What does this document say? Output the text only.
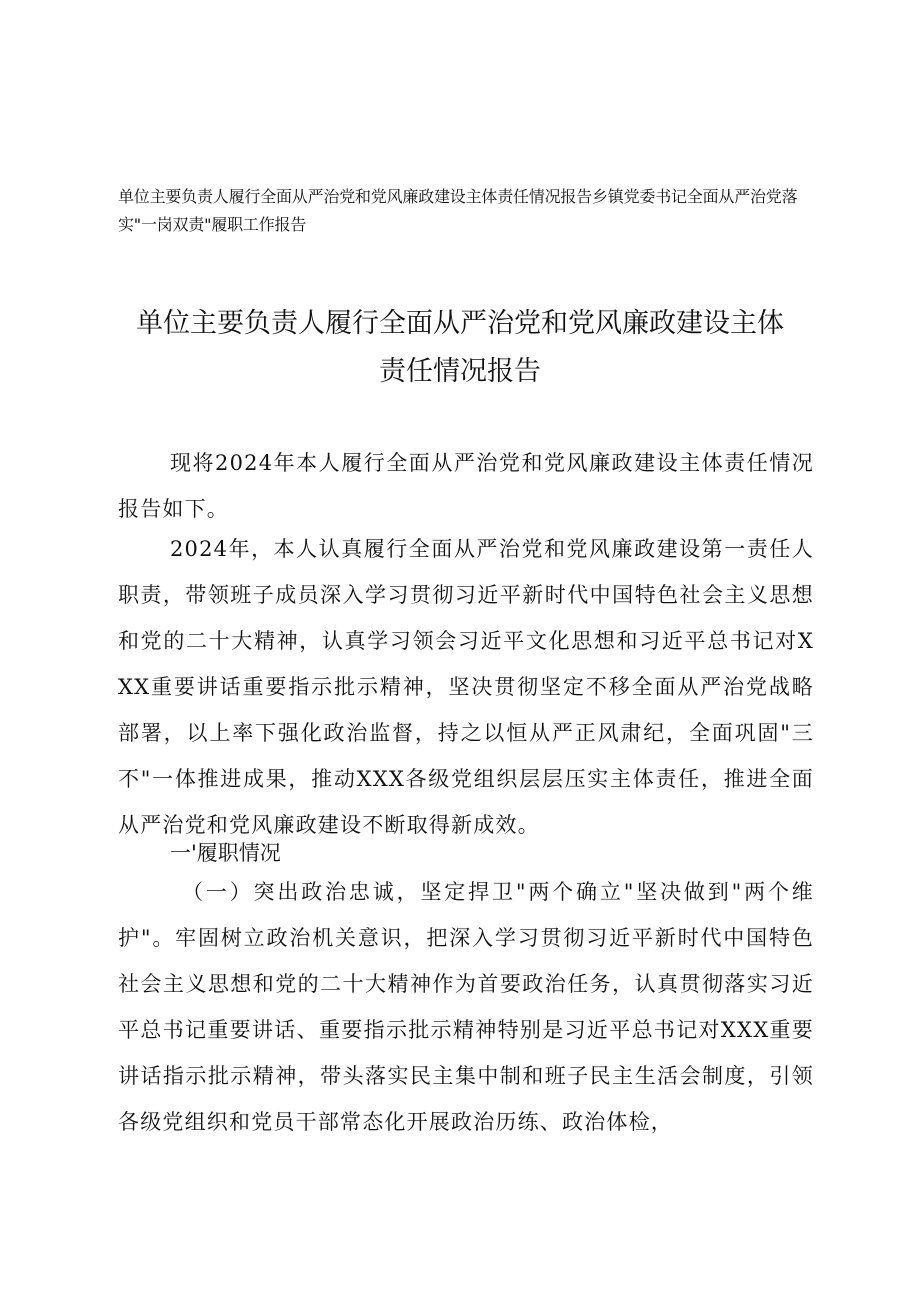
单位主要负责人履行全面从严治党和党风廉政建设主体责任情况报告乡镇党委书记全面从严治党落实"一岗双责"履职工作报告
单位主要负责人履行全面从严治党和党风廉政建设主体
责任情况报告
现将2024年本人履行全面从严治党和党风廉政建设主体责任情况报告如下。
2024年，本人认真履行全面从严治党和党风廉政建设第一责任人职责，带领班子成员深入学习贯彻习近平新时代中国特色社会主义思想和党的二十大精神，认真学习领会习近平文化思想和习近平总书记对XXX重要讲话重要指示批示精神，坚决贯彻坚定不移全面从严治党战略部署，以上率下强化政治监督，持之以恒从严正风肃纪，全面巩固"三不"一体推进成果，推动XXX各级党组织层层压实主体责任，推进全面从严治党和党风廉政建设不断取得新成效。
一'履职情况
（一）突出政治忠诚，坚定捍卫"两个确立"坚决做到"两个维护"。牢固树立政治机关意识，把深入学习贯彻习近平新时代中国特色社会主义思想和党的二十大精神作为首要政治任务，认真贯彻落实习近平总书记重要讲话、重要指示批示精神特别是习近平总书记对XXX重要讲话指示批示精神，带头落实民主集中制和班子民主生活会制度，引领各级党组织和党员干部常态化开展政治历练、政治体检，
